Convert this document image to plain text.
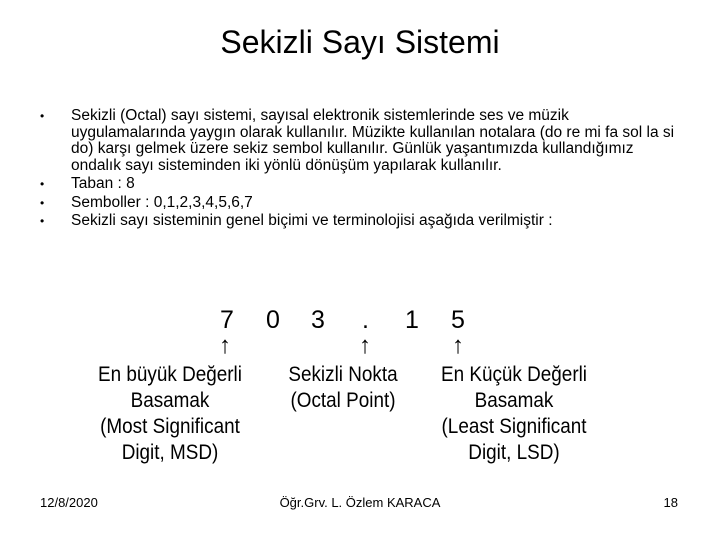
Sekizli Sayı Sistemi
• Sekizli (Octal) sayı sistemi, sayısal elektronik sistemlerinde ses ve müzik uygulamalarında yaygın olarak kullanılır. Müzikte kullanılan notalara (do re mi fa sol la si do) karşı gelmek üzere sekiz sembol kullanılır. Günlük yaşantımızda kullandığımız ondalık sayı sisteminden iki yönlü dönüşüm yapılarak kullanılır.
• Taban : 8
• Semboller : 0,1,2,3,4,5,6,7
• Sekizli sayı sisteminin genel biçimi ve terminolojisi aşağıda verilmiştir :
7 0 3 . 1 5
↑	↑	↑
En büyük Değerli
Basamak
(Most Significant
Digit, MSD)
Sekizli Nokta
(Octal Point)
En Küçük Değerli
Basamak
(Least Significant
Digit, LSD)
12/8/2020	Öğr.Grv. L. Özlem KARACA	18
